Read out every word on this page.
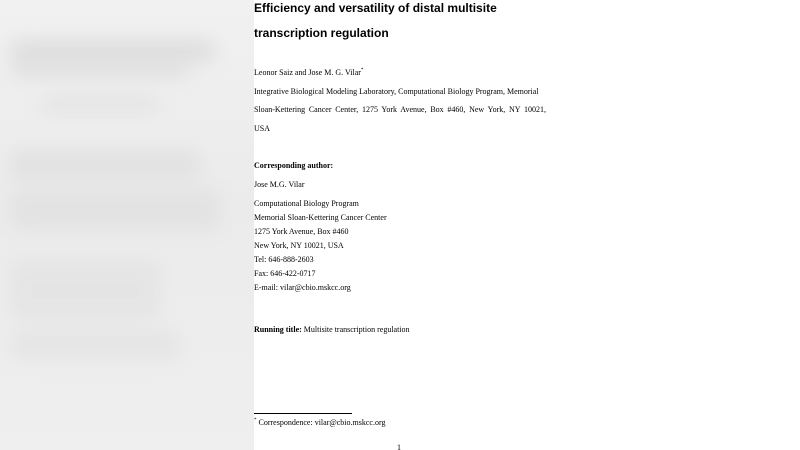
Efficiency and versatility of distal multisite transcription regulation
Leonor Saiz and Jose M. G. Vilar*
Integrative Biological Modeling Laboratory, Computational Biology Program, Memorial
Sloan-Kettering Cancer Center, 1275 York Avenue, Box #460, New York, NY 10021,
USA
Corresponding author:
Jose M.G. Vilar
Computational Biology Program
Memorial Sloan-Kettering Cancer Center
1275 York Avenue, Box #460
New York, NY 10021, USA
Tel: 646-888-2603
Fax: 646-422-0717
E-mail: vilar@cbio.mskcc.org
Running title: Multisite transcription regulation
* Correspondence: vilar@cbio.mskcc.org
1
